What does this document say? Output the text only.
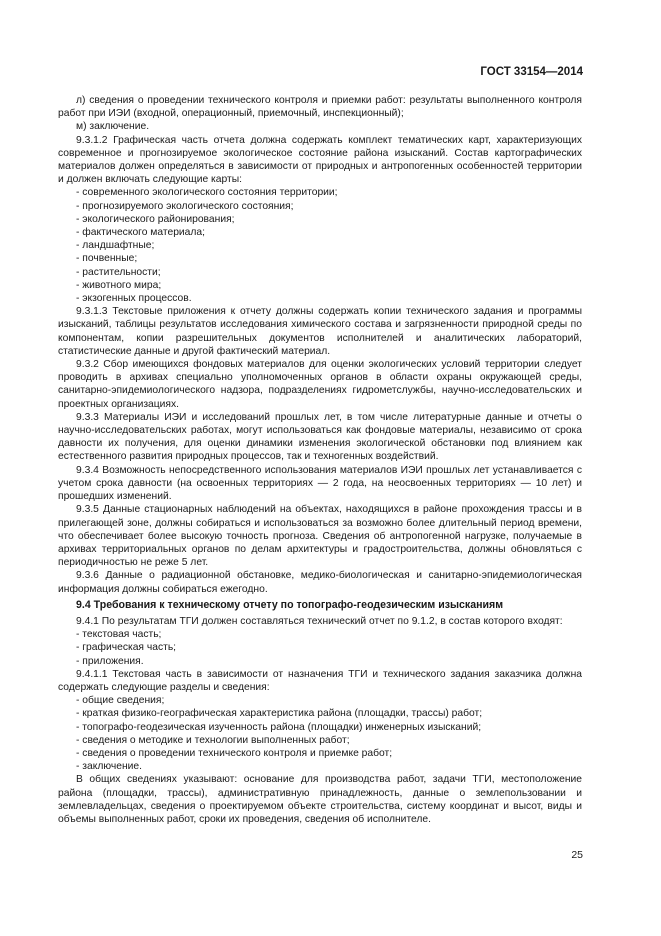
ГОСТ 33154—2014
л) сведения о проведении технического контроля и приемки работ: результаты выполненного контроля работ при ИЭИ (входной, операционный, приемочный, инспекционный);
м) заключение.
9.3.1.2 Графическая часть отчета должна содержать комплект тематических карт, характеризующих современное и прогнозируемое экологическое состояние района изысканий. Состав картографических материалов должен определяться в зависимости от природных и антропогенных особенностей территории и должен включать следующие карты:
- современного экологического состояния территории;
- прогнозируемого экологического состояния;
- экологического районирования;
- фактического материала;
- ландшафтные;
- почвенные;
- растительности;
- животного мира;
- экзогенных процессов.
9.3.1.3 Текстовые приложения к отчету должны содержать копии технического задания и программы изысканий, таблицы результатов исследования химического состава и загрязненности природной среды по компонентам, копии разрешительных документов исполнителей и аналитических лабораторий, статистические данные и другой фактический материал.
9.3.2 Сбор имеющихся фондовых материалов для оценки экологических условий территории следует проводить в архивах специально уполномоченных органов в области охраны окружающей среды, санитарно-эпидемиологического надзора, подразделениях гидрометслужбы, научно-исследовательских и проектных организациях.
9.3.3 Материалы ИЭИ и исследований прошлых лет, в том числе литературные данные и отчеты о научно-исследовательских работах, могут использоваться как фондовые материалы, независимо от срока давности их получения, для оценки динамики изменения экологической обстановки под влиянием как естественного развития природных процессов, так и техногенных воздействий.
9.3.4 Возможность непосредственного использования материалов ИЭИ прошлых лет устанавливается с учетом срока давности (на освоенных территориях — 2 года, на неосвоенных территориях — 10 лет) и прошедших изменений.
9.3.5 Данные стационарных наблюдений на объектах, находящихся в районе прохождения трассы и в прилегающей зоне, должны собираться и использоваться за возможно более длительный период времени, что обеспечивает более высокую точность прогноза. Сведения об антропогенной нагрузке, получаемые в архивах территориальных органов по делам архитектуры и градостроительства, должны обновляться с периодичностью не реже 5 лет.
9.3.6 Данные о радиационной обстановке, медико-биологическая и санитарно-эпидемиологическая информация должны собираться ежегодно.
9.4 Требования к техническому отчету по топографо-геодезическим изысканиям
9.4.1 По результатам ТГИ должен составляться технический отчет по 9.1.2, в состав которого входят:
- текстовая часть;
- графическая часть;
- приложения.
9.4.1.1 Текстовая часть в зависимости от назначения ТГИ и технического задания заказчика должна содержать следующие разделы и сведения:
- общие сведения;
- краткая физико-географическая характеристика района (площадки, трассы) работ;
- топографо-геодезическая изученность района (площадки) инженерных изысканий;
- сведения о методике и технологии выполненных работ;
- сведения о проведении технического контроля и приемке работ;
- заключение.
В общих сведениях указывают: основание для производства работ, задачи ТГИ, местоположение района (площадки, трассы), административную принадлежность, данные о землепользовании и землевладельцах, сведения о проектируемом объекте строительства, систему координат и высот, виды и объемы выполненных работ, сроки их проведения, сведения об исполнителе.
25
